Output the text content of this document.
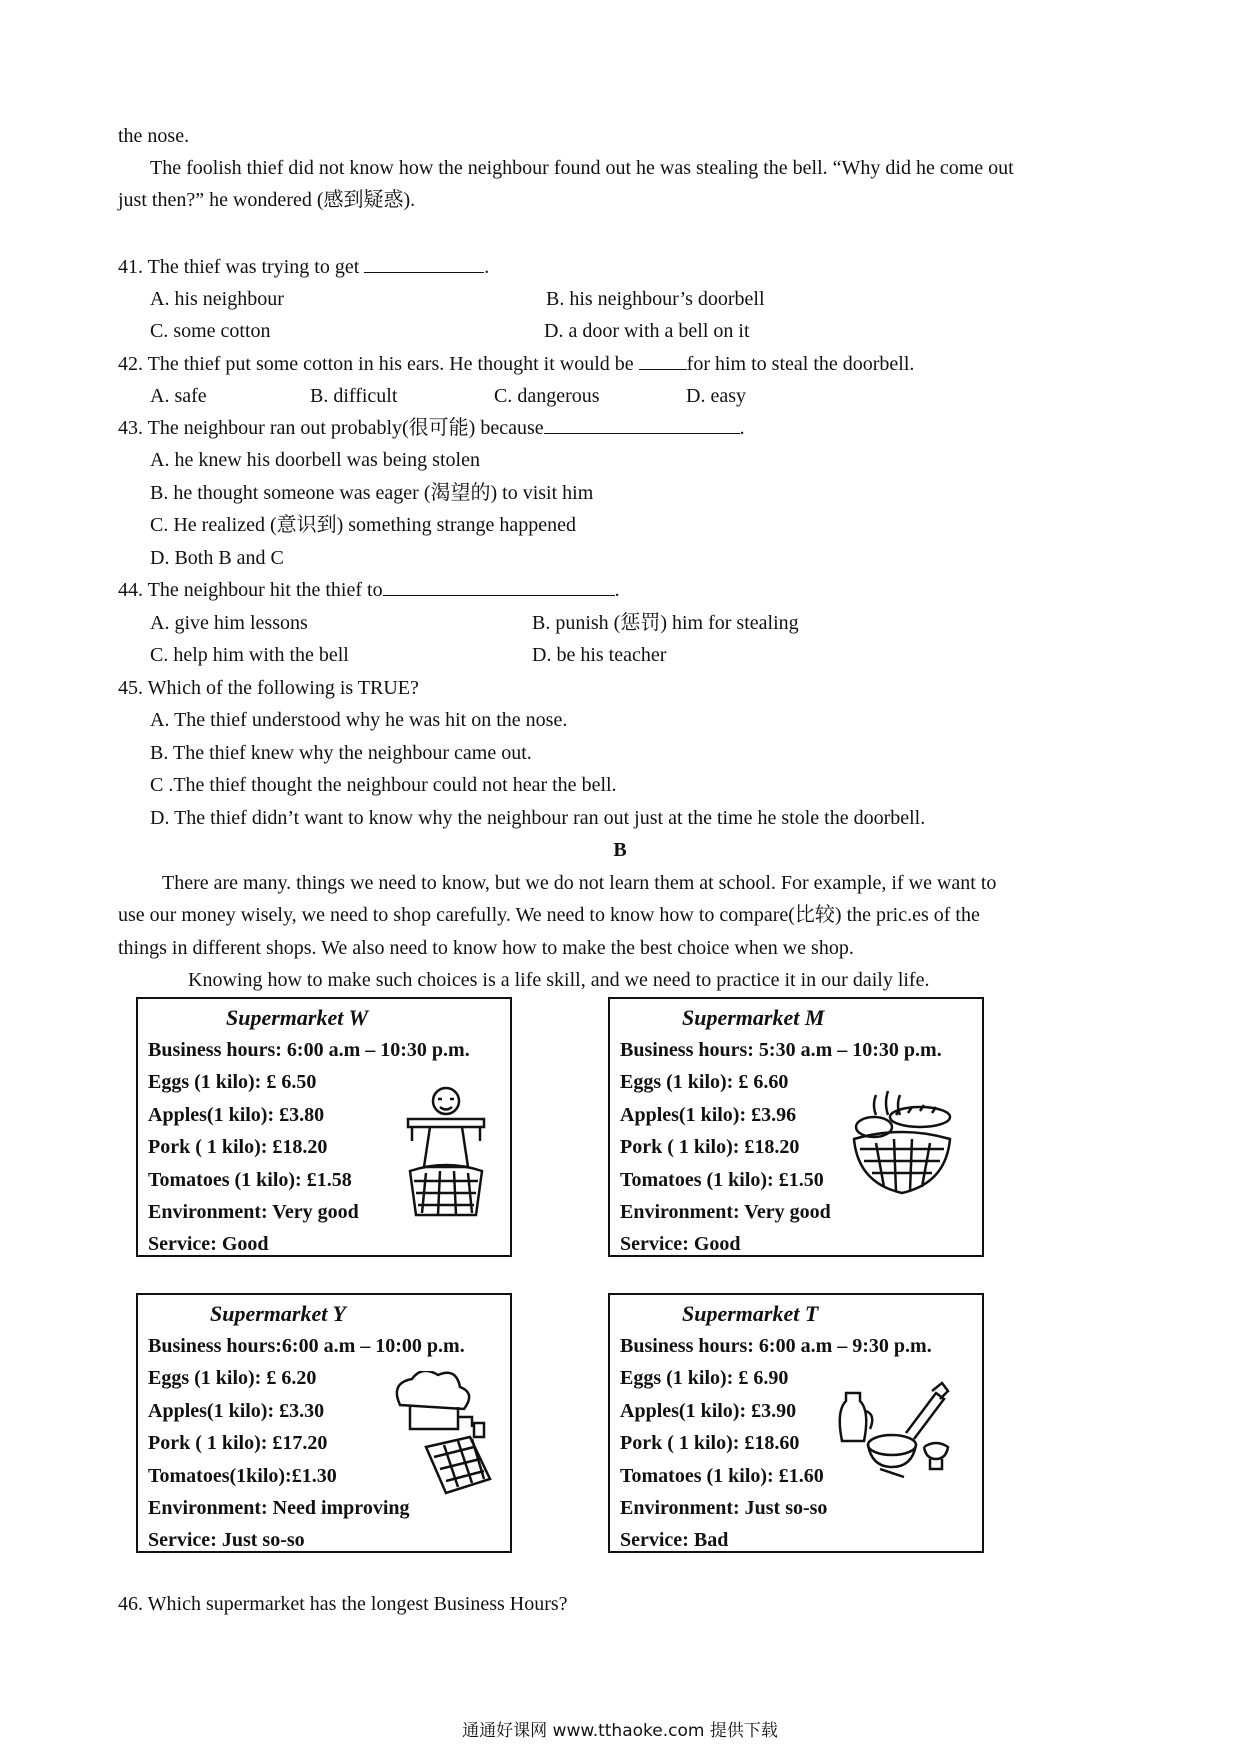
the nose.
The foolish thief did not know how the neighbour found out he was stealing the bell. “Why did he come out
just then?” he wondered (感到疑惑).
41. The thief was trying to get	.
A. his neighbour	B. his neighbour’s doorbell
C. some cotton	D. a door with a bell on it
42. The thief put some cotton in his ears. He thought it would be	for him to steal the doorbell.
A. safe	B. difficult	C. dangerous	D. easy
43. The neighbour ran out probably(很可能) because	.
A. he knew his doorbell was being stolen
B. he thought someone was eager (渴望的) to visit him
C. He realized (意识到) something strange happened
D. Both B and C
44. The neighbour hit the thief to	.
A. give him lessons	B. punish (惩罚) him for stealing
C. help him with the bell	D. be his teacher
45. Which of the following is TRUE?
A. The thief understood why he was hit on the nose.
B. The thief knew why the neighbour came out.
C .The thief thought the neighbour could not hear the bell.
D. The thief didn’t want to know why the neighbour ran out just at the time he stole the doorbell.
B
There are many. things we need to know, but we do not learn them at school. For example, if we want to
use our money wisely, we need to shop carefully. We need to know how to compare(比较) the pric.es of the
things in different shops. We also need to know how to make the best choice when we shop.
Knowing how to make such choices is a life skill, and we need to practice it in our daily life.
Supermarket W
Business hours: 6:00 a.m – 10:30 p.m.
Eggs (1 kilo): £ 6.50
Apples(1 kilo): £3.80
Pork ( 1 kilo): £18.20
Tomatoes (1 kilo): £1.58
Environment: Very good
Service: Good
Supermarket M
Business hours: 5:30 a.m – 10:30 p.m.
Eggs (1 kilo): £ 6.60
Apples(1 kilo): £3.96
Pork ( 1 kilo): £18.20
Tomatoes (1 kilo): £1.50
Environment: Very good
Service: Good
Supermarket Y
Business hours:6:00 a.m – 10:00 p.m.
Eggs (1 kilo): £ 6.20
Apples(1 kilo): £3.30
Pork ( 1 kilo): £17.20
Tomatoes(1kilo):£1.30
Environment: Need improving
Service: Just so-so
Supermarket T
Business hours: 6:00 a.m – 9:30 p.m.
Eggs (1 kilo): £ 6.90
Apples(1 kilo): £3.90
Pork ( 1 kilo): £18.60
Tomatoes (1 kilo): £1.60
Environment: Just so-so
Service: Bad
46. Which supermarket has the longest Business Hours?
通通好课网 www.tthaoke.com 提供下载
